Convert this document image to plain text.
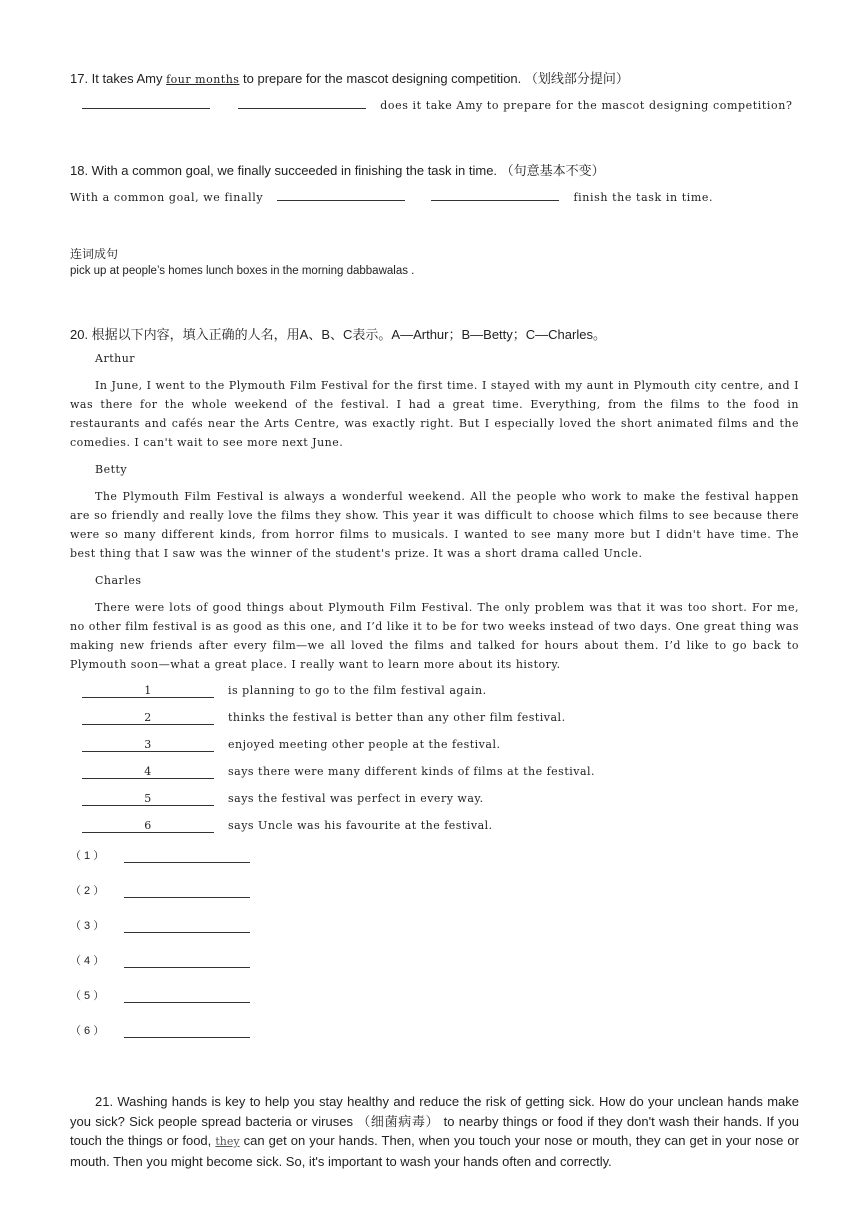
17. It takes Amy four months to prepare for the mascot designing competition. （划线部分提问）
does it take Amy to prepare for the mascot designing competition?
18. With a common goal, we finally succeeded in finishing the task in time. （句意基本不变）
With a common goal, we finally	finish the task in time.
连词成句
pick up at people’s homes lunch boxes in the morning dabbawalas .
20. 根据以下内容，填入正确的人名，用A、B、C表示。A—Arthur；B—Betty；C—Charles。
Arthur
In June, I went to the Plymouth Film Festival for the first time. I stayed with my aunt in Plymouth city centre, and I was there for the whole weekend of the festival. I had a great time. Everything, from the films to the food in restaurants and cafés near the Arts Centre, was exactly right. But I especially loved the short animated films and the comedies. I can't wait to see more next June.
Betty
The Plymouth Film Festival is always a wonderful weekend. All the people who work to make the festival happen are so friendly and really love the films they show. This year it was difficult to choose which films to see because there were so many different kinds, from horror films to musicals. I wanted to see many more but I didn't have time. The best thing that I saw was the winner of the student's prize. It was a short drama called Uncle.
Charles
There were lots of good things about Plymouth Film Festival. The only problem was that it was too short. For me, no other film festival is as good as this one, and I’d like it to be for two weeks instead of two days. One great thing was making new friends after every film—we all loved the films and talked for hours about them. I’d like to go back to Plymouth soon—what a great place. I really want to learn more about its history.
1	is planning to go to the film festival again.
2	thinks the festival is better than any other film festival.
3	enjoyed meeting other people at the festival.
4	says there were many different kinds of films at the festival.
5	says the festival was perfect in every way.
6	says Uncle was his favourite at the festival.
（ 1 ）
（ 2 ）
（ 3 ）
（ 4 ）
（ 5 ）
（ 6 ）
21. Washing hands is key to help you stay healthy and reduce the risk of getting sick. How do your unclean hands make you sick? Sick people spread bacteria or viruses （细菌病毒） to nearby things or food if they don't wash their hands. If you touch the things or food, they can get on your hands. Then, when you touch your nose or mouth, they can get in your nose or mouth. Then you might become sick. So, it's important to wash your hands often and correctly.
